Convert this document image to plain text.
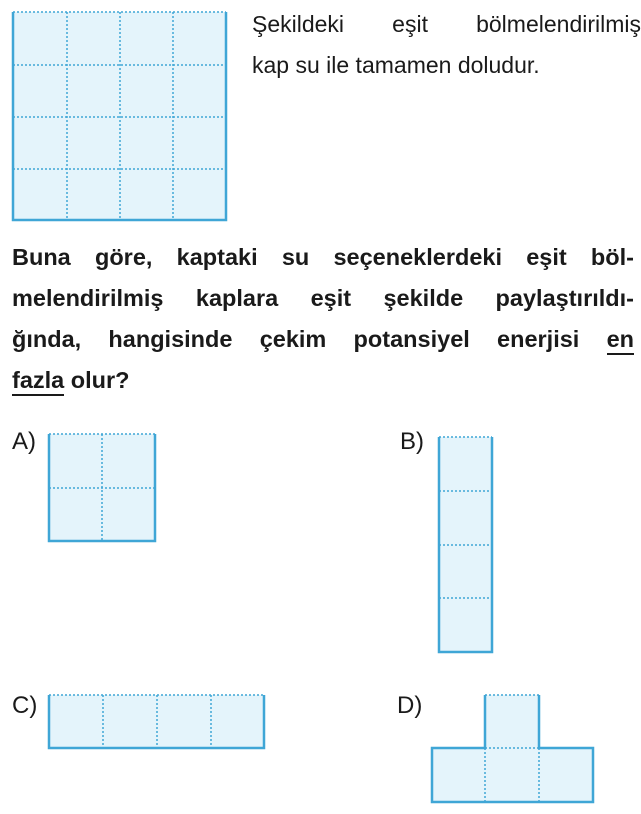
Şekildeki eşit bölmelendirilmiş
kap su ile tamamen doludur.
Buna göre, kaptaki su seçeneklerdeki eşit böl-
melendirilmiş kaplara eşit şekilde paylaştırıldı-
ğında, hangisinde çekim potansiyel enerjisi en
fazla olur?
A)	B)
C)	D)
